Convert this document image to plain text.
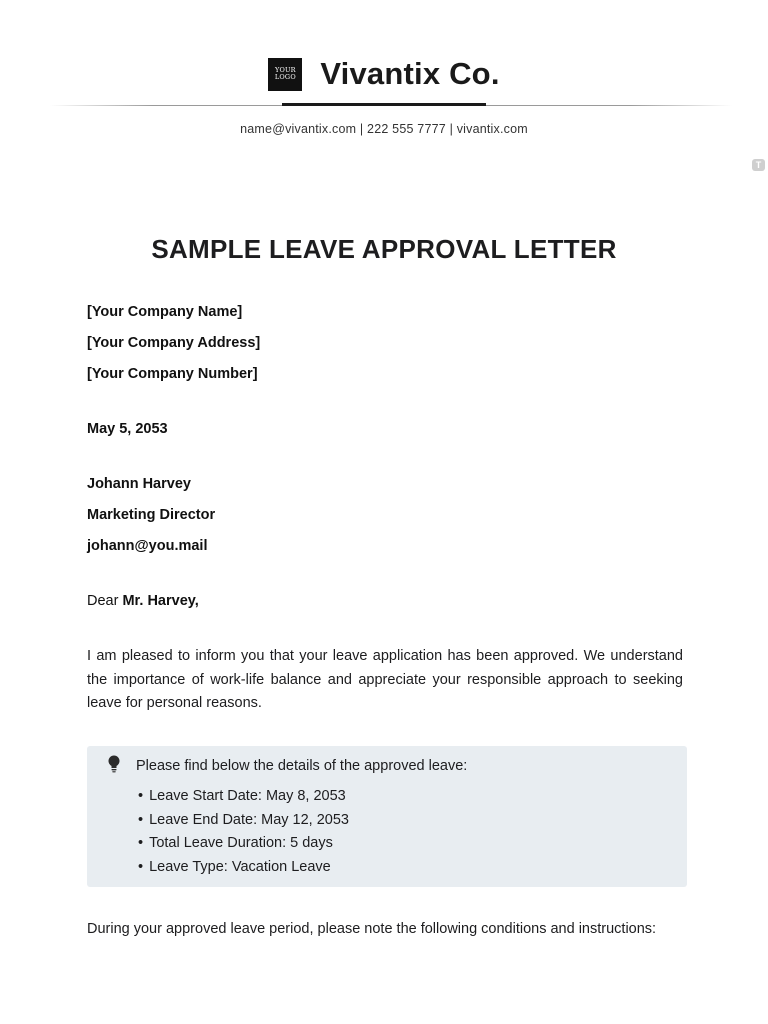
YOUR
LOGO Vivantix Co.
name@vivantix.com | 222 555 7777 | vivantix.com
T
SAMPLE LEAVE APPROVAL LETTER
[Your Company Name]
[Your Company Address]
[Your Company Number]
May 5, 2053
Johann Harvey
Marketing Director
johann@you.mail
Dear Mr. Harvey,
I am pleased to inform you that your leave application has been approved. We understand the importance of work-life balance and appreciate your responsible approach to seeking leave for personal reasons.
Please find below the details of the approved leave:
• Leave Start Date: May 8, 2053
• Leave End Date: May 12, 2053
• Total Leave Duration: 5 days
• Leave Type: Vacation Leave
During your approved leave period, please note the following conditions and instructions:
